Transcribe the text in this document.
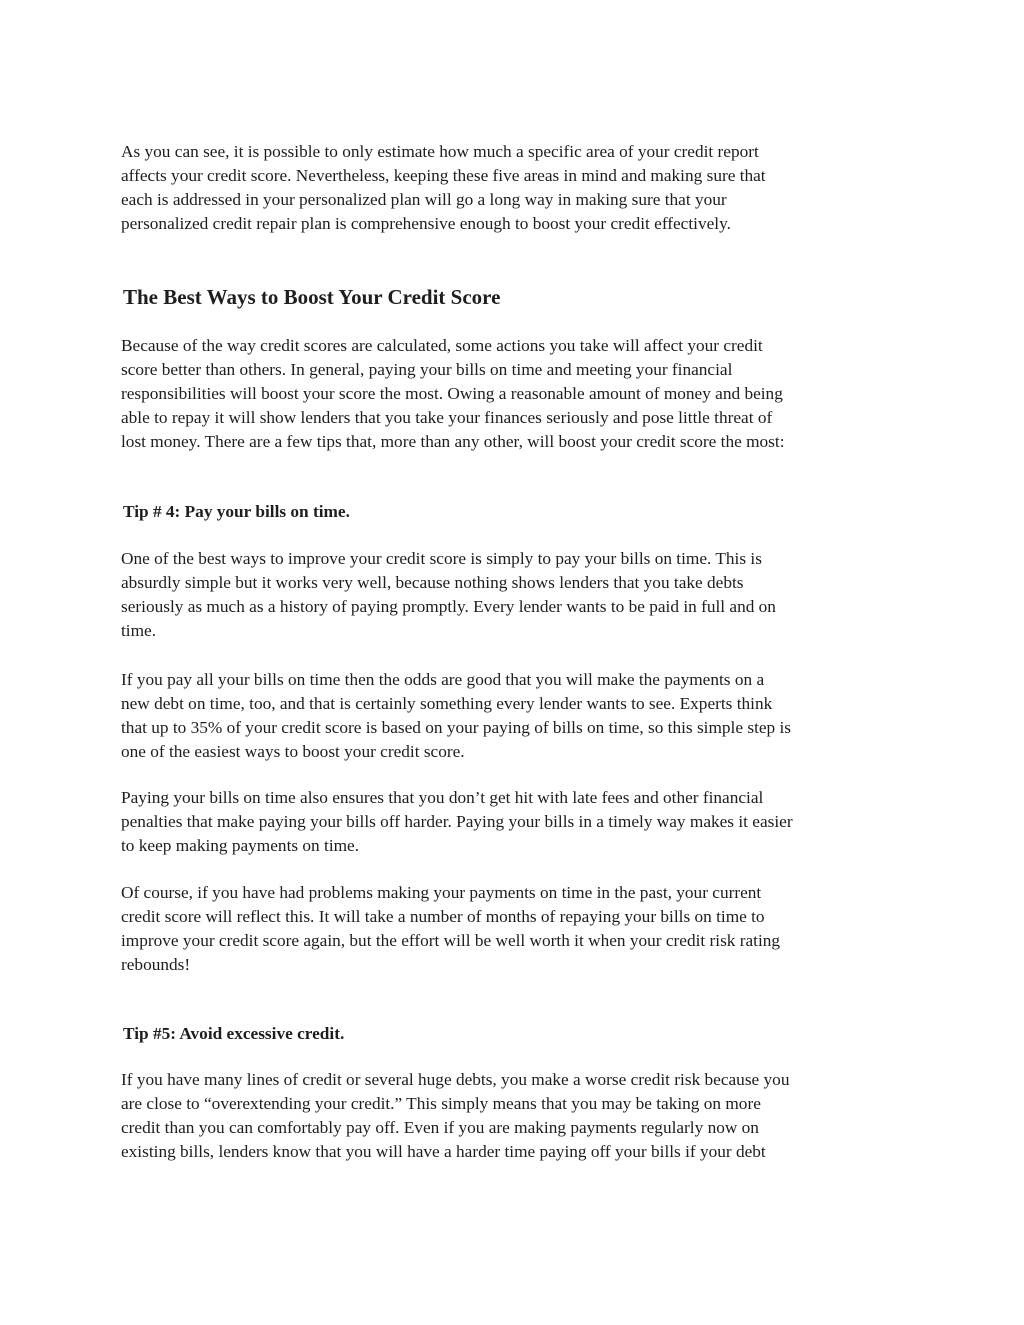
As you can see, it is possible to only estimate how much a specific area of your credit report
affects your credit score. Nevertheless, keeping these five areas in mind and making sure that
each is addressed in your personalized plan will go a long way in making sure that your
personalized credit repair plan is comprehensive enough to boost your credit effectively.

The Best Ways to Boost Your Credit Score

Because of the way credit scores are calculated, some actions you take will affect your credit
score better than others. In general, paying your bills on time and meeting your financial
responsibilities will boost your score the most. Owing a reasonable amount of money and being
able to repay it will show lenders that you take your finances seriously and pose little threat of
lost money. There are a few tips that, more than any other, will boost your credit score the most:

Tip # 4: Pay your bills on time.

One of the best ways to improve your credit score is simply to pay your bills on time. This is
absurdly simple but it works very well, because nothing shows lenders that you take debts
seriously as much as a history of paying promptly. Every lender wants to be paid in full and on
time.

If you pay all your bills on time then the odds are good that you will make the payments on a
new debt on time, too, and that is certainly something every lender wants to see. Experts think
that up to 35% of your credit score is based on your paying of bills on time, so this simple step is
one of the easiest ways to boost your credit score.

Paying your bills on time also ensures that you don’t get hit with late fees and other financial
penalties that make paying your bills off harder. Paying your bills in a timely way makes it easier
to keep making payments on time.

Of course, if you have had problems making your payments on time in the past, your current
credit score will reflect this. It will take a number of months of repaying your bills on time to
improve your credit score again, but the effort will be well worth it when your credit risk rating
rebounds!

Tip #5: Avoid excessive credit.

If you have many lines of credit or several huge debts, you make a worse credit risk because you
are close to “overextending your credit.” This simply means that you may be taking on more
credit than you can comfortably pay off. Even if you are making payments regularly now on
existing bills, lenders know that you will have a harder time paying off your bills if your debt
